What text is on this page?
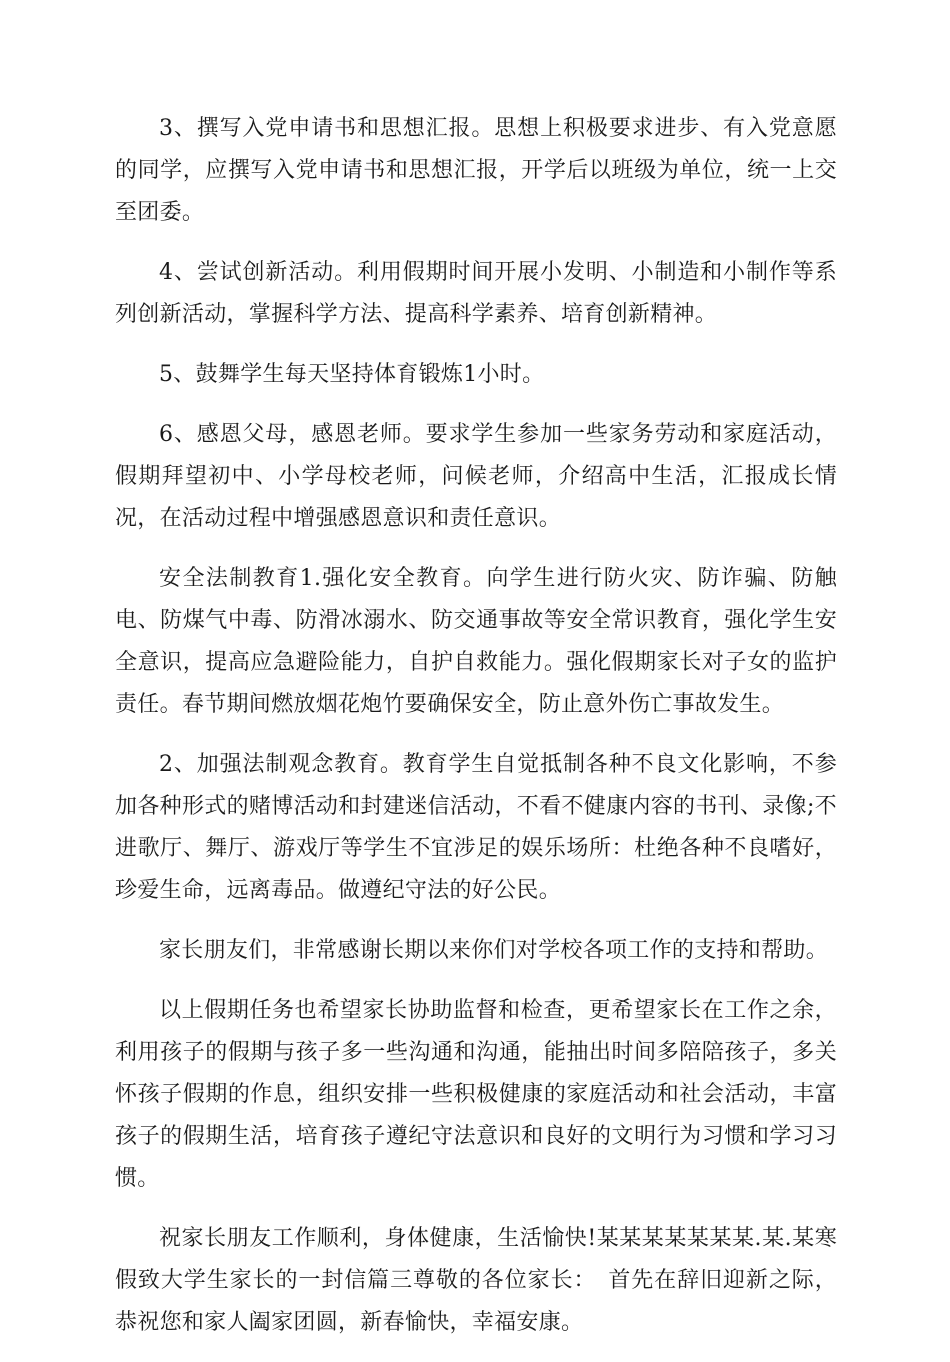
3、撰写入党申请书和思想汇报。思想上积极要求进步、有入党意愿的同学，应撰写入党申请书和思想汇报，开学后以班级为单位，统一上交至团委。

4、尝试创新活动。利用假期时间开展小发明、小制造和小制作等系列创新活动，掌握科学方法、提高科学素养、培育创新精神。

5、鼓舞学生每天坚持体育锻炼1小时。

6、感恩父母，感恩老师。要求学生参加一些家务劳动和家庭活动，假期拜望初中、小学母校老师，问候老师，介绍高中生活，汇报成长情况，在活动过程中增强感恩意识和责任意识。

安全法制教育1.强化安全教育。向学生进行防火灾、防诈骗、防触电、防煤气中毒、防滑冰溺水、防交通事故等安全常识教育，强化学生安全意识，提高应急避险能力，自护自救能力。强化假期家长对子女的监护责任。春节期间燃放烟花炮竹要确保安全，防止意外伤亡事故发生。

2、加强法制观念教育。教育学生自觉抵制各种不良文化影响，不参加各种形式的赌博活动和封建迷信活动，不看不健康内容的书刊、录像;不进歌厅、舞厅、游戏厅等学生不宜涉足的娱乐场所：杜绝各种不良嗜好，珍爱生命，远离毒品。做遵纪守法的好公民。

家长朋友们，非常感谢长期以来你们对学校各项工作的支持和帮助。

以上假期任务也希望家长协助监督和检查，更希望家长在工作之余，利用孩子的假期与孩子多一些沟通和沟通，能抽出时间多陪陪孩子，多关怀孩子假期的作息，组织安排一些积极健康的家庭活动和社会活动，丰富孩子的假期生活，培育孩子遵纪守法意识和良好的文明行为习惯和学习习惯。

祝家长朋友工作顺利，身体健康，生活愉快!某某某某某某某.某.某寒假致大学生家长的一封信篇三尊敬的各位家长：　首先在辞旧迎新之际，恭祝您和家人阖家团圆，新春愉快，幸福安康。
